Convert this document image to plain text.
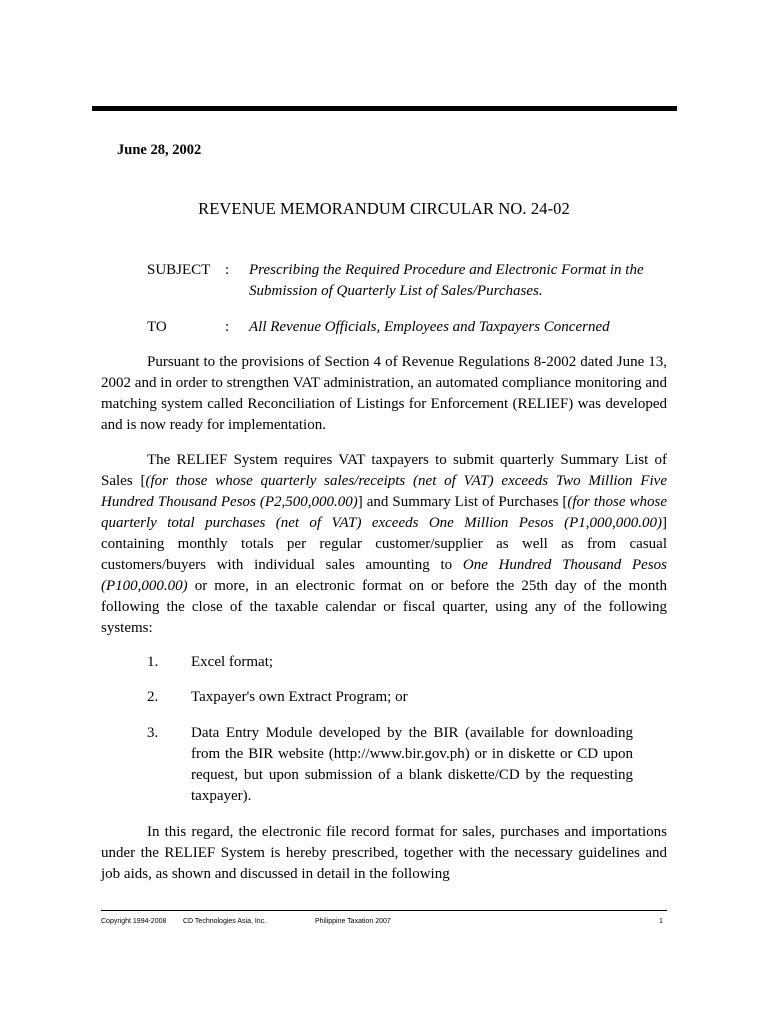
June 28, 2002

REVENUE MEMORANDUM CIRCULAR NO. 24-02

SUBJECT :	Prescribing the Required Procedure and Electronic Format in the Submission of Quarterly List of Sales/Purchases.
TO	:	All Revenue Officials, Employees and Taxpayers Concerned

Pursuant to the provisions of Section 4 of Revenue Regulations 8-2002 dated June 13, 2002 and in order to strengthen VAT administration, an automated compliance monitoring and matching system called Reconciliation of Listings for Enforcement (RELIEF) was developed and is now ready for implementation.

The RELIEF System requires VAT taxpayers to submit quarterly Summary List of Sales [(for those whose quarterly sales/receipts (net of VAT) exceeds Two Million Five Hundred Thousand Pesos (P2,500,000.00)] and Summary List of Purchases [(for those whose quarterly total purchases (net of VAT) exceeds One Million Pesos (P1,000,000.00)] containing monthly totals per regular customer/supplier as well as from casual customers/buyers with individual sales amounting to One Hundred Thousand Pesos (P100,000.00) or more, in an electronic format on or before the 25th day of the month following the close of the taxable calendar or fiscal quarter, using any of the following systems:

1.	Excel format;
2.	Taxpayer's own Extract Program; or
3.	Data Entry Module developed by the BIR (available for downloading from the BIR website (http://www.bir.gov.ph) or in diskette or CD upon request, but upon submission of a blank diskette/CD by the requesting taxpayer).

In this regard, the electronic file record format for sales, purchases and importations under the RELIEF System is hereby prescribed, together with the necessary guidelines and job aids, as shown and discussed in detail in the following

Copyright 1994-2008 CD Technologies Asia, Inc.	Philippine Taxation 2007	1
